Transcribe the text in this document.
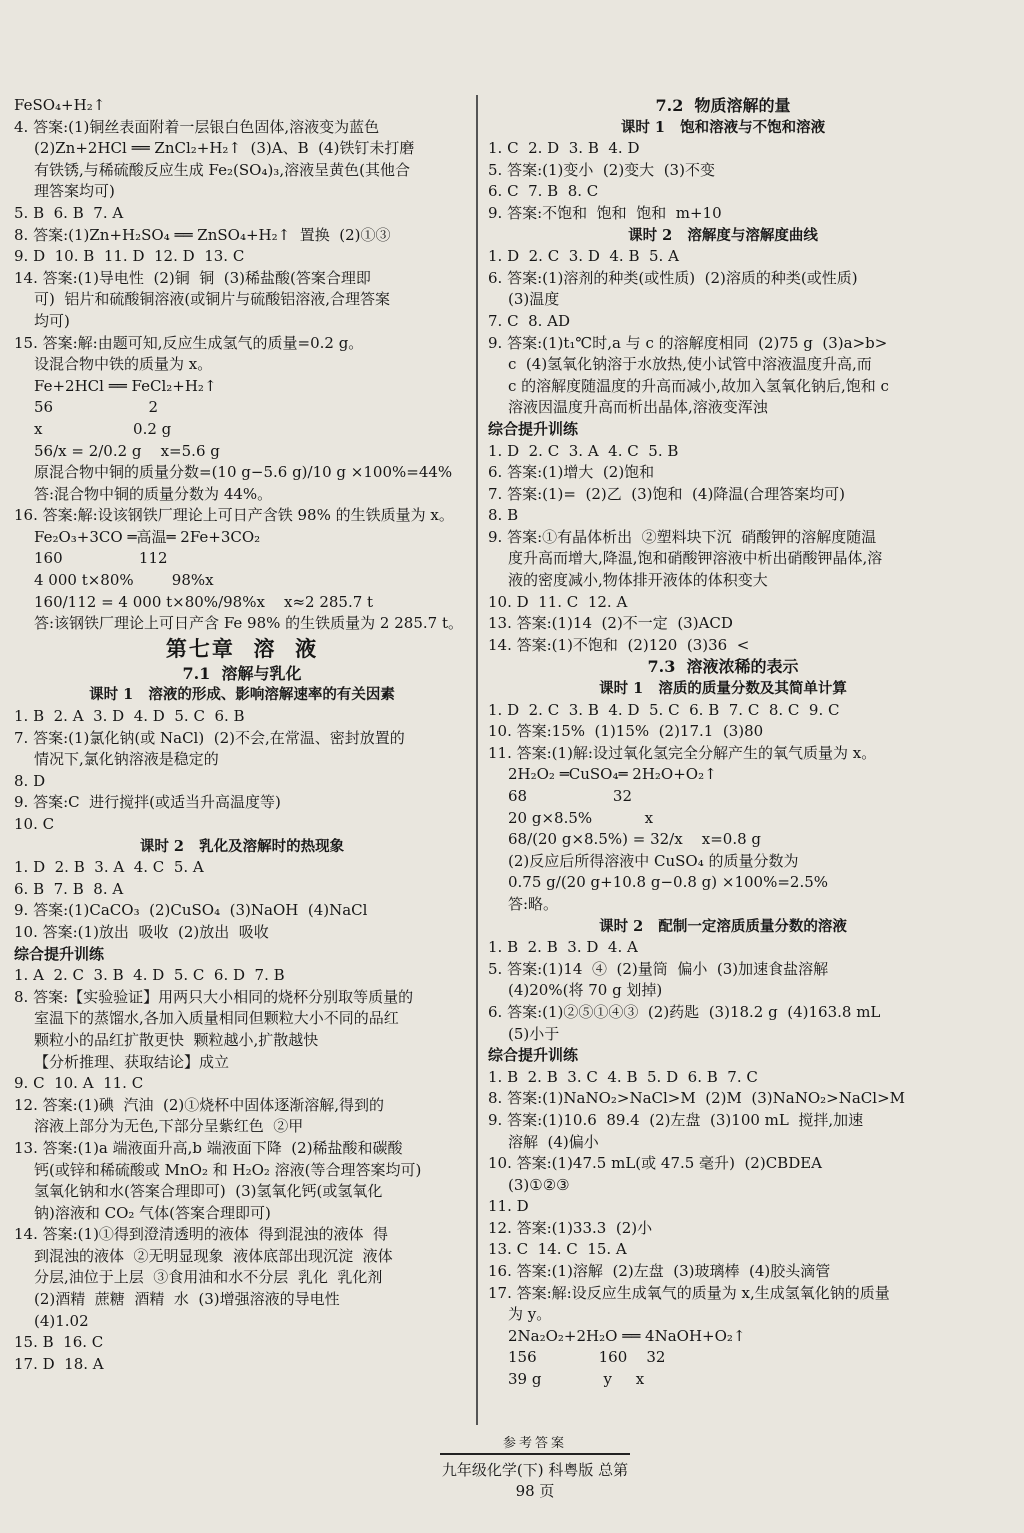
FeSO₄+H₂↑
4. 答案:(1)铜丝表面附着一层银白色固体,溶液变为蓝色
(2)Zn+2HCl ══ ZnCl₂+H₂↑  (3)A、B  (4)铁钉未打磨
有铁锈,与稀硫酸反应生成 Fe₂(SO₄)₃,溶液呈黄色(其他合
理答案均可)
5. B  6. B  7. A
8. 答案:(1)Zn+H₂SO₄ ══ ZnSO₄+H₂↑  置换  (2)①③
9. D  10. B  11. D  12. D  13. C
14. 答案:(1)导电性  (2)铜  铜  (3)稀盐酸(答案合理即
可)  铝片和硫酸铜溶液(或铜片与硫酸铝溶液,合理答案
均可)
15. 答案:解:由题可知,反应生成氢气的质量=0.2 g。
设混合物中铁的质量为 x。
Fe+2HCl ══ FeCl₂+H₂↑
56                    2
x                   0.2 g
56/x = 2/0.2 g    x=5.6 g
原混合物中铜的质量分数=(10 g−5.6 g)/10 g ×100%=44%
答:混合物中铜的质量分数为 44%。
16. 答案:解:设该钢铁厂理论上可日产含铁 98% 的生铁质量为 x。
Fe₂O₃+3CO ═高温═ 2Fe+3CO₂
160                112
4 000 t×80%        98%x
160/112 = 4 000 t×80%/98%x    x≈2 285.7 t
答:该钢铁厂理论上可日产含 Fe 98% 的生铁质量为 2 285.7 t。
第七章  溶  液
7.1  溶解与乳化
课时 1   溶液的形成、影响溶解速率的有关因素
1. B  2. A  3. D  4. D  5. C  6. B
7. 答案:(1)氯化钠(或 NaCl)  (2)不会,在常温、密封放置的
情况下,氯化钠溶液是稳定的
8. D
9. 答案:C  进行搅拌(或适当升高温度等)
10. C
课时 2   乳化及溶解时的热现象
1. D  2. B  3. A  4. C  5. A
6. B  7. B  8. A
9. 答案:(1)CaCO₃  (2)CuSO₄  (3)NaOH  (4)NaCl
10. 答案:(1)放出  吸收  (2)放出  吸收
综合提升训练
1. A  2. C  3. B  4. D  5. C  6. D  7. B
8. 答案:【实验验证】用两只大小相同的烧杯分别取等质量的
室温下的蒸馏水,各加入质量相同但颗粒大小不同的品红
颗粒小的品红扩散更快  颗粒越小,扩散越快
【分析推理、获取结论】成立
9. C  10. A  11. C
12. 答案:(1)碘  汽油  (2)①烧杯中固体逐渐溶解,得到的
溶液上部分为无色,下部分呈紫红色  ②甲
13. 答案:(1)a 端液面升高,b 端液面下降  (2)稀盐酸和碳酸
钙(或锌和稀硫酸或 MnO₂ 和 H₂O₂ 溶液(等合理答案均可)
氢氧化钠和水(答案合理即可)  (3)氢氧化钙(或氢氧化
钠)溶液和 CO₂ 气体(答案合理即可)
14. 答案:(1)①得到澄清透明的液体  得到混浊的液体  得
到混浊的液体  ②无明显现象  液体底部出现沉淀  液体
分层,油位于上层  ③食用油和水不分层  乳化  乳化剂
(2)酒精  蔗糖  酒精  水  (3)增强溶液的导电性
(4)1.02
15. B  16. C
17. D  18. A
7.2  物质溶解的量
课时 1   饱和溶液与不饱和溶液
1. C  2. D  3. B  4. D
5. 答案:(1)变小  (2)变大  (3)不变
6. C  7. B  8. C
9. 答案:不饱和  饱和  饱和  m+10
课时 2   溶解度与溶解度曲线
1. D  2. C  3. D  4. B  5. A
6. 答案:(1)溶剂的种类(或性质)  (2)溶质的种类(或性质)
(3)温度
7. C  8. AD
9. 答案:(1)t₁℃时,a 与 c 的溶解度相同  (2)75 g  (3)a>b>
c  (4)氢氧化钠溶于水放热,使小试管中溶液温度升高,而
c 的溶解度随温度的升高而减小,故加入氢氧化钠后,饱和 c
溶液因温度升高而析出晶体,溶液变浑浊
综合提升训练
1. D  2. C  3. A  4. C  5. B
6. 答案:(1)增大  (2)饱和
7. 答案:(1)=  (2)乙  (3)饱和  (4)降温(合理答案均可)
8. B
9. 答案:①有晶体析出  ②塑料块下沉  硝酸钾的溶解度随温
度升高而增大,降温,饱和硝酸钾溶液中析出硝酸钾晶体,溶
液的密度减小,物体排开液体的体积变大
10. D  11. C  12. A
13. 答案:(1)14  (2)不一定  (3)ACD
14. 答案:(1)不饱和  (2)120  (3)36  <
7.3  溶液浓稀的表示
课时 1   溶质的质量分数及其简单计算
1. D  2. C  3. B  4. D  5. C  6. B  7. C  8. C  9. C
10. 答案:15%  (1)15%  (2)17.1  (3)80
11. 答案:(1)解:设过氧化氢完全分解产生的氧气质量为 x。
2H₂O₂ ═CuSO₄═ 2H₂O+O₂↑
68                  32
20 g×8.5%           x
68/(20 g×8.5%) = 32/x    x=0.8 g
(2)反应后所得溶液中 CuSO₄ 的质量分数为
0.75 g/(20 g+10.8 g−0.8 g) ×100%=2.5%
答:略。
课时 2   配制一定溶质质量分数的溶液
1. B  2. B  3. D  4. A
5. 答案:(1)14  ④  (2)量筒  偏小  (3)加速食盐溶解
(4)20%(将 70 g 划掉)
6. 答案:(1)②⑤①④③  (2)药匙  (3)18.2 g  (4)163.8 mL
(5)小于
综合提升训练
1. B  2. B  3. C  4. B  5. D  6. B  7. C
8. 答案:(1)NaNO₂>NaCl>M  (2)M  (3)NaNO₂>NaCl>M
9. 答案:(1)10.6  89.4  (2)左盘  (3)100 mL  搅拌,加速
溶解  (4)偏小
10. 答案:(1)47.5 mL(或 47.5 毫升)  (2)CBDEA
(3)①②③
11. D
12. 答案:(1)33.3  (2)小
13. C  14. C  15. A
16. 答案:(1)溶解  (2)左盘  (3)玻璃棒  (4)胶头滴管
17. 答案:解:设反应生成氧气的质量为 x,生成氢氧化钠的质量
为 y。
2Na₂O₂+2H₂O ══ 4NaOH+O₂↑
156             160    32
39 g             y     x
参考答案
九年级化学(下) 科粤版 总第 98 页
